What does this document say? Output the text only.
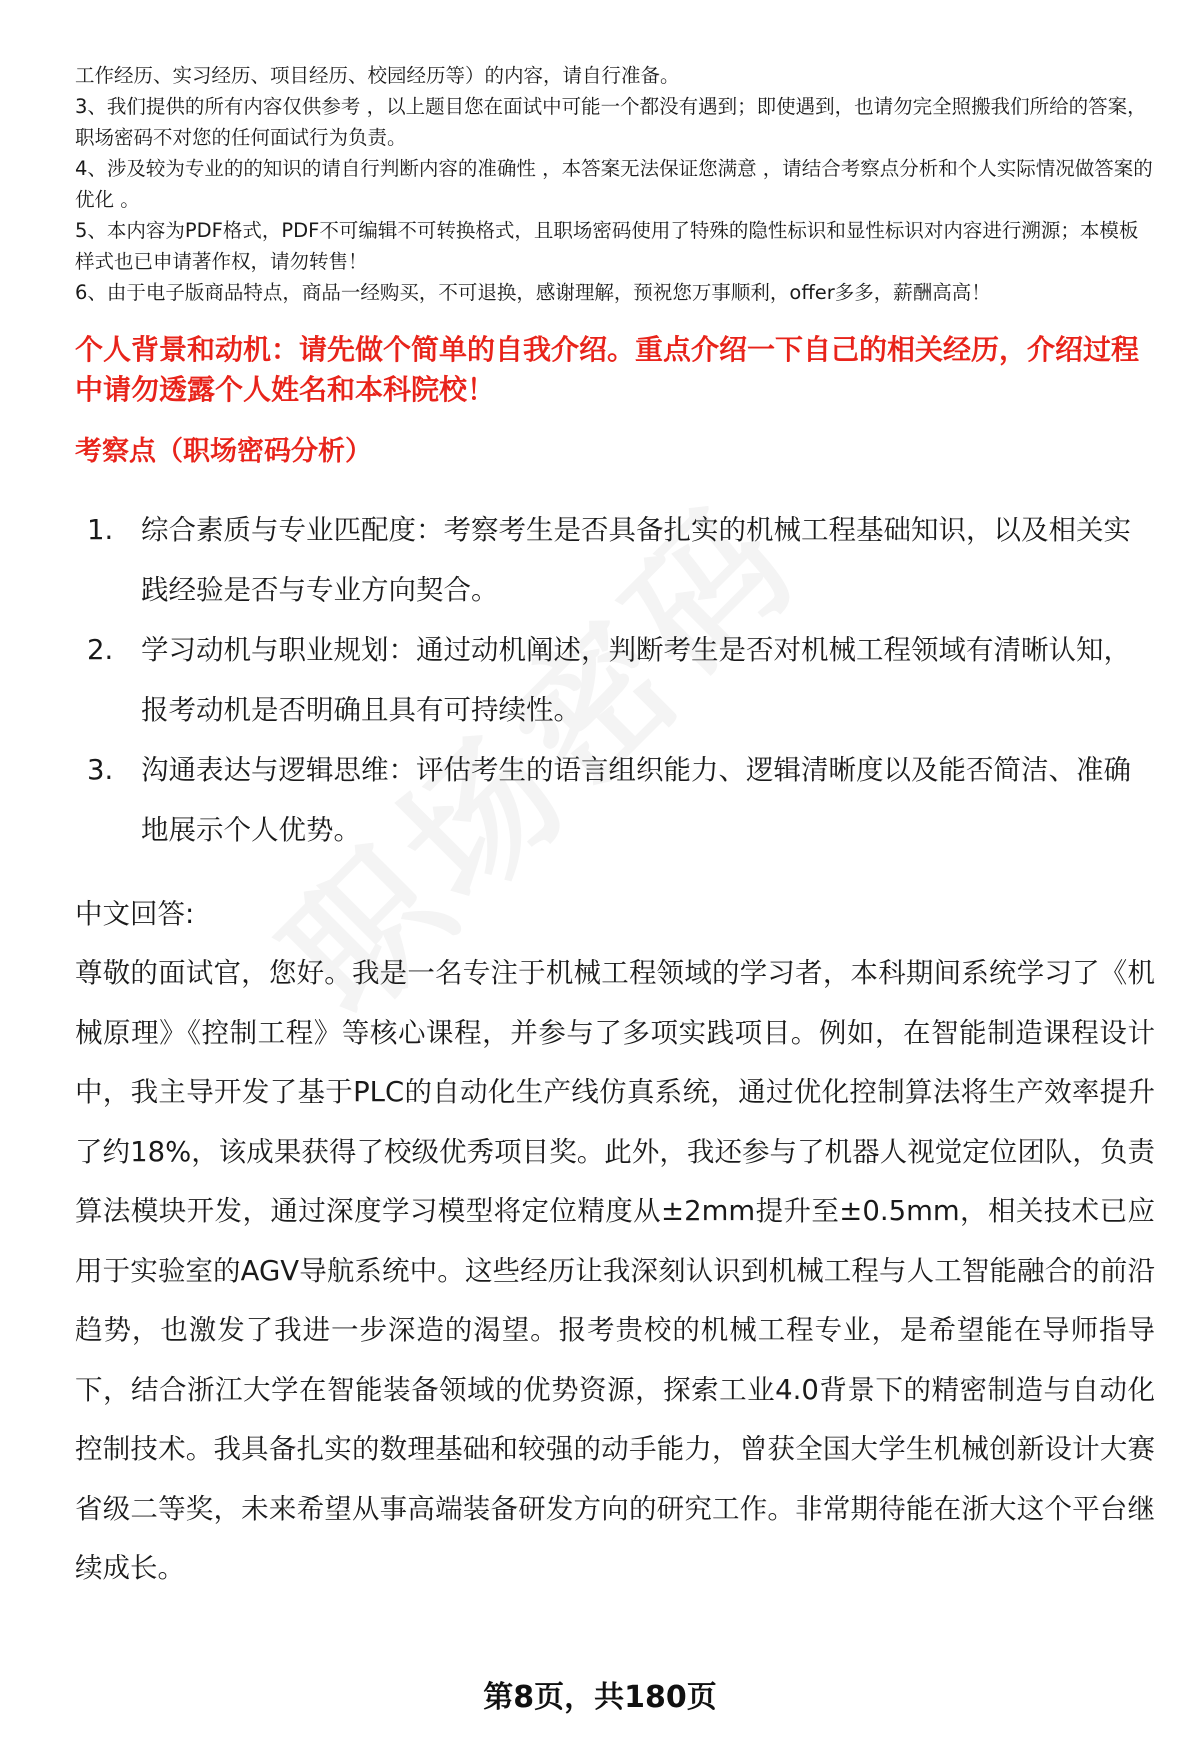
工作经历、实习经历、项目经历、校园经历等）的内容，请自行准备。

3、我们提供的所有内容仅供参考 ，以上题目您在面试中可能一个都没有遇到；即使遇到，也请勿完全照搬我们所给的答案，职场密码不对您的任何面试行为负责。

4、涉及较为专业的的知识的请自行判断内容的准确性 ，本答案无法保证您满意 ，请结合考察点分析和个人实际情况做答案的优化 。

5、本内容为PDF格式，PDF不可编辑不可转换格式，且职场密码使用了特殊的隐性标识和显性标识对内容进行溯源；本模板样式也已申请著作权，请勿转售！

6、由于电子版商品特点，商品一经购买，不可退换，感谢理解，预祝您万事顺利，offer多多，薪酬高高！

个人背景和动机：请先做个简单的自我介绍。重点介绍一下自己的相关经历，介绍过程中请勿透露个人姓名和本科院校！
考察点（职场密码分析）
1.	综合素质与专业匹配度：考察考生是否具备扎实的机械工程基础知识，以及相关实践经验是否与专业方向契合。
2.	学习动机与职业规划：通过动机阐述，判断考生是否对机械工程领域有清晰认知，报考动机是否明确且具有可持续性。
3.	沟通表达与逻辑思维：评估考生的语言组织能力、逻辑清晰度以及能否简洁、准确地展示个人优势。
中文回答:

尊敬的面试官，您好。我是一名专注于机械工程领域的学习者，本科期间系统学习了《机械原理》《控制工程》等核心课程，并参与了多项实践项目。例如，在智能制造课程设计中，我主导开发了基于PLC的自动化生产线仿真系统，通过优化控制算法将生产效率提升了约18%，该成果获得了校级优秀项目奖。此外，我还参与了机器人视觉定位团队，负责算法模块开发，通过深度学习模型将定位精度从±2mm提升至±0.5mm，相关技术已应用于实验室的AGV导航系统中。这些经历让我深刻认识到机械工程与人工智能融合的前沿趋势，也激发了我进一步深造的渴望。报考贵校的机械工程专业，是希望能在导师指导下，结合浙江大学在智能装备领域的优势资源，探索工业4.0背景下的精密制造与自动化控制技术。我具备扎实的数理基础和较强的动手能力，曾获全国大学生机械创新设计大赛省级二等奖，未来希望从事高端装备研发方向的研究工作。非常期待能在浙大这个平台继续成长。

第8页，共180页
